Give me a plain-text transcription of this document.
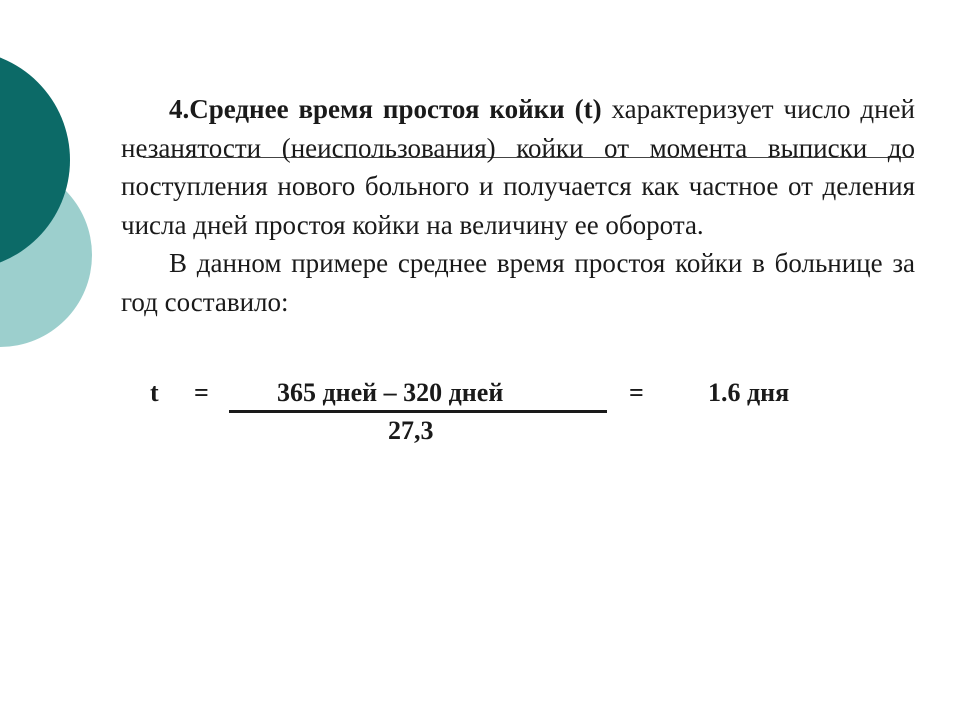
4.Среднее время простоя койки (t) характеризует число дней незанятости (неиспользования) койки от момента выписки до поступления нового больного и получается как частное от деления числа дней простоя койки на величину ее оборота.

В данном примере среднее время простоя койки в больнице за год составило:

t =	365 дней – 320 дней
27,3
= 1.6 дня
